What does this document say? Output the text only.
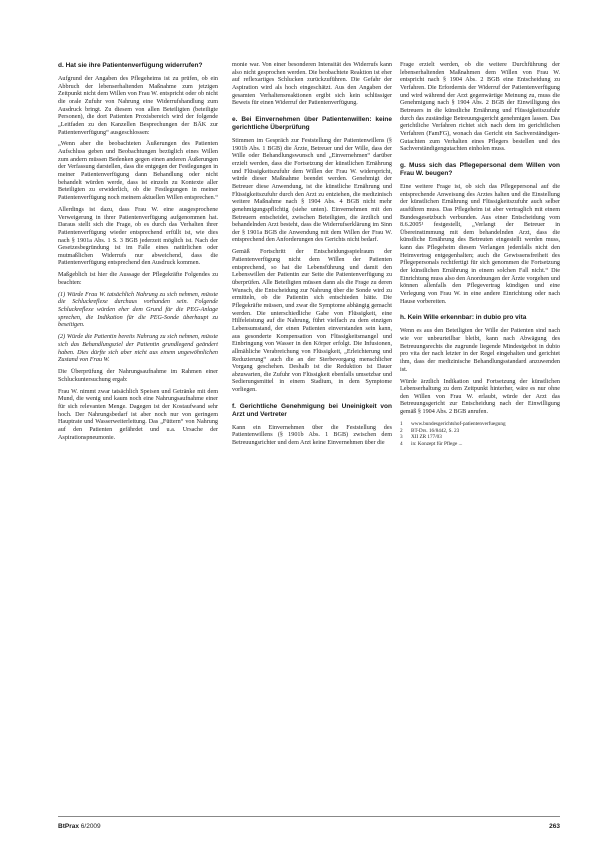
d. Hat sie ihre Patientenverfügung widerrufen?

Aufgrund der Angaben des Pflegeheims ist zu prüfen, ob ein Abbruch der lebenserhaltenden Maßnahme zum jetzigen Zeitpunkt nicht dem Willen von Frau W. entspricht oder ob nicht die orale Zufuhr von Nahrung eine Widerrufshandlung zum Ausdruck bringt. Zu diesem von allen Beteiligten (beteiligte Personen), die dort Patienten Proxisbereich wird der folgende „Leitfaden zu den Kanzellen Besprechungen der BÄK zur Patientenverfügung“ ausgeschlossen:

„Wenn aber die beobachteten Äußerungen des Patienten Aufschluss geben und Beobachtungen bezüglich eines Willen zum andern müssen Bedenken gegen einen anderen Äußerungen der Verfassung darstellen, dass die entgegen der Festlegungen in meiner Patientenverfügung dann Behandlung oder nicht behandelt würden werde, dass ist einzeln zu Kontexte aller Beteiligten zu erwiderlich, ob die Festlegungen in meiner Patientenverfügung noch meinem aktuellen Willen entsprechen.“

Allerdings ist dazu, dass Frau W. eine ausgesprochene Verweigerung in ihrer Patientenverfügung aufgenommen hat. Daraus stellt sich die Frage, ob es durch das Verhalten ihrer Patientenverfügung wieder entsprechend erfüllt ist, wie dies nach § 1901a Abs. 1 S. 3 BGB jederzeit möglich ist. Nach der Gesetzesbegründung ist im Falle eines natürlichen oder mutmaßlichen Widerrufs nur abweichend, dass die Patientenverfügung entsprechend den Ausdruck kommen.

Maßgeblich ist hier die Aussage der Pflegekräfte Folgendes zu beachten:

(1) Würde Frau W. tatsächlich Nahrung zu sich nehmen, müsste die Schluckreflexe durchaus vorhanden sein. Folgende Schluckreflexe würden eher dem Grund für die PEG-Anlage sprechen, die Indikation für die PEG-Sonde überhaupt zu beseitigen.

(2) Würde die Patientin bereits Nahrung zu sich nehmen, müsste sich das Behandlungsziel der Patientin grundlegend geändert haben. Dies dürfte sich aber nicht aus einem ungewöhnlichen Zustand von Frau W.

Die Überprüfung der Nahrungsaufnahme im Rahmen einer Schluckuntersuchung ergab:

Frau W. nimmt zwar tatsächlich Speisen und Getränke mit dem Mund, die wenig und kaum noch eine Nahrungsaufnahme einer für sich relevanten Menge. Dagegen ist der Kostaufwand sehr hoch. Der Nahrungsbedarf ist aber noch nur von geringem Hauptrate und Wasserweiterleitung. Das „Füttern“ von Nahrung auf den Patienten gefährdet und u.a. Ursache der Aspirationspneumonie.

monie war. Von einer besonderen Intensität des Widerrufs kann also nicht gesprochen werden. Die beobachtete Reaktion ist eher auf reflexartiges Schlucken zurückzuführen. Die Gefahr der Aspiration wird als hoch eingeschätzt. Aus den Angaben der gesamten Verhaltensreaktionen ergibt sich kein schlüssiger Beweis für einen Widerruf der Patientenverfügung.

e. Bei Einvernehmen über Patientenwillen: keine gerichtliche Überprüfung

Stimmen im Gespräch zur Feststellung der Patientenwillens (§ 1901b Abs. 1 BGB) die Ärzte, Betreuer und der Wille, dass der Wille oder Behandlungswunsch und „Einvernehmen“ darüber erzielt werden, dass die Fortsetzung der künstlichen Ernährung und Flüssigkeitszufuhr dem Willen der Frau W. widerspricht, würde dieser Maßnahme beendet werden. Genehmigt der Betreuer diese Anwendung, ist die künstliche Ernährung und Flüssigkeitszufuhr durch den Arzt zu entziehen, die medizinisch weitere Maßnahme nach § 1904 Abs. 4 BGB nicht mehr genehmigungspflichtig (siehe unten). Einvernehmen mit den Betreuern entscheidet, zwischen Beteiligten, die ärztlich und behandelnden Arzt besteht, dass die Widerrufserklärung im Sinn der § 1901a BGB die Anwendung mit dem Willen der Frau W. entsprechend den Anforderungen des Gerichts nicht bedarf.

Gemäß Fortschritt der Entscheidungsspielraum der Patientenverfügung nicht dem Willen der Patienten entsprechend, so hat die Lebensführung und damit den Lebenswillen der Patientin zur Seite die Patientenverfügung zu überprüfen. Alle Beteiligten müssen dann als die Frage zu deren Wunsch, die Entscheidung zur Nahrung über die Sonde wird zu ermitteln, ob die Patientin sich entschieden hätte. Die Pflegekräfte müssen, und zwar die Symptome abhängig gemacht werden. Die unterschiedliche Gabe von Flüssigkeit, eine Hilfeleistung auf die Nahrung, führt vielfach zu dem einzigen Lebensumstand, der einen Patienten einverstanden sein kann, aus gesonderte Kompensation von Flüssigkeitsmangel und Einbringung von Wasser in den Körper erfolgt. Die Infusionen, allmähliche Verabreichung von Flüssigkeit, „Erleichterung und Reduzierung“ auch die an der Sterbevorgang menschlicher Vorgang geschehen. Deshalb ist die Reduktion ist Dauer abzuwarten, die Zufuhr von Flüssigkeit ebenfalls umsetzbar und Sedierungsmittel in einem Stadium, in dem Symptome vorliegen.

f. Gerichtliche Genehmigung bei Uneinigkeit von Arzt und Vertreter

Kann ein Einvernehmen über die Feststellung des Patientenwillens (§ 1901b Abs. 1 BGB) zwischen dem Betreuungsrichter und dem Arzt keine Einvernehmen über die

Frage erzielt werden, ob die weitere Durchführung der lebenserhaltenden Maßnahmen dem Willen von Frau W. entspricht nach § 1904 Abs. 2 BGB eine Entscheidung zu Verfahren. Die Erfordernis der Widerruf der Patientenverfügung und wird während der Arzt gegenwärtige Meinung zu, muss die Genehmigung nach § 1904 Abs. 2 BGB der Einwilligung des Betreuers in die künstliche Ernährung und Flüssigkeitszufuhr durch das zuständige Betreuungsgericht genehmigen lassen. Das gerichtliche Verfahren richtet sich nach dem im gerichtlichen Verfahren (FamFG), wonach das Gericht ein Sachverständigen-Gutachten zum Verhalten eines Pflegers bestellen und des Sachverständigengutachten einholen muss.

g. Muss sich das Pflegepersonal dem Willen von Frau W. beugen?

Eine weitere Frage ist, ob sich das Pflegepersonal auf die entsprechende Anweisung des Arztes halten und die Einstellung der künstlichen Ernährung und Flüssigkeitszufuhr auch selber ausführen muss. Das Pflegeheim ist aber vertraglich mit einem Bundesgesetzbuch verbunden. Aus einer Entscheidung vom 8.6.2005¹ festgestellt, „Verlangt der Betreuer in Übereinstimmung mit dem behandelnden Arzt, dass die künstliche Ernährung des Betreuten eingestellt werden muss, kann das Pflegeheim diesem Verlangen jedenfalls nicht den Heimvertrag entgegenhalten; auch die Gewissensfreiheit des Pflegepersonals rechtfertigt für sich genommen die Fortsetzung der künstlichen Ernährung in einem solchen Fall nicht.“ Die Einrichtung muss also den Anordnungen der Ärzte vorgehen und können allenfalls den Pflegevertrag kündigen und eine Verlegung von Frau W. in eine andere Einrichtung oder nach Hause vorbereiten.

h. Kein Wille erkennbar: in dubio pro vita

Wenn es aus den Beteiligten der Wille der Patienten sind nach wie vor unbeurteilbar bleibt, kann nach Abwägung des Betreuungsrechts die zugrunde liegende Mindestgebot in dubio pro vita der nach letzter in der Regel eingehalten und gerichtet ihm, dass der medizinische Behandlungsstandard anzuwenden ist.

Würde ärztlich Indikation und Fortsetzung der künstlichen Lebenserhaltung zu dem Zeitpunkt hinterher, wäre es nur ohne den Willen von Frau W. erlaubt, würde der Arzt das Betreuungsgericht zur Entscheidung nach der Einwilligung gemäß § 1904 Abs. 2 BGB anrufen.

1	www.bundesgerichtshof-patientenverfuegung
2	BT-Drs. 16/8442, S. 23
3	XII ZR 177/03
4	in: Konzept für Pflege ...
BtPrax 6/2009	263
